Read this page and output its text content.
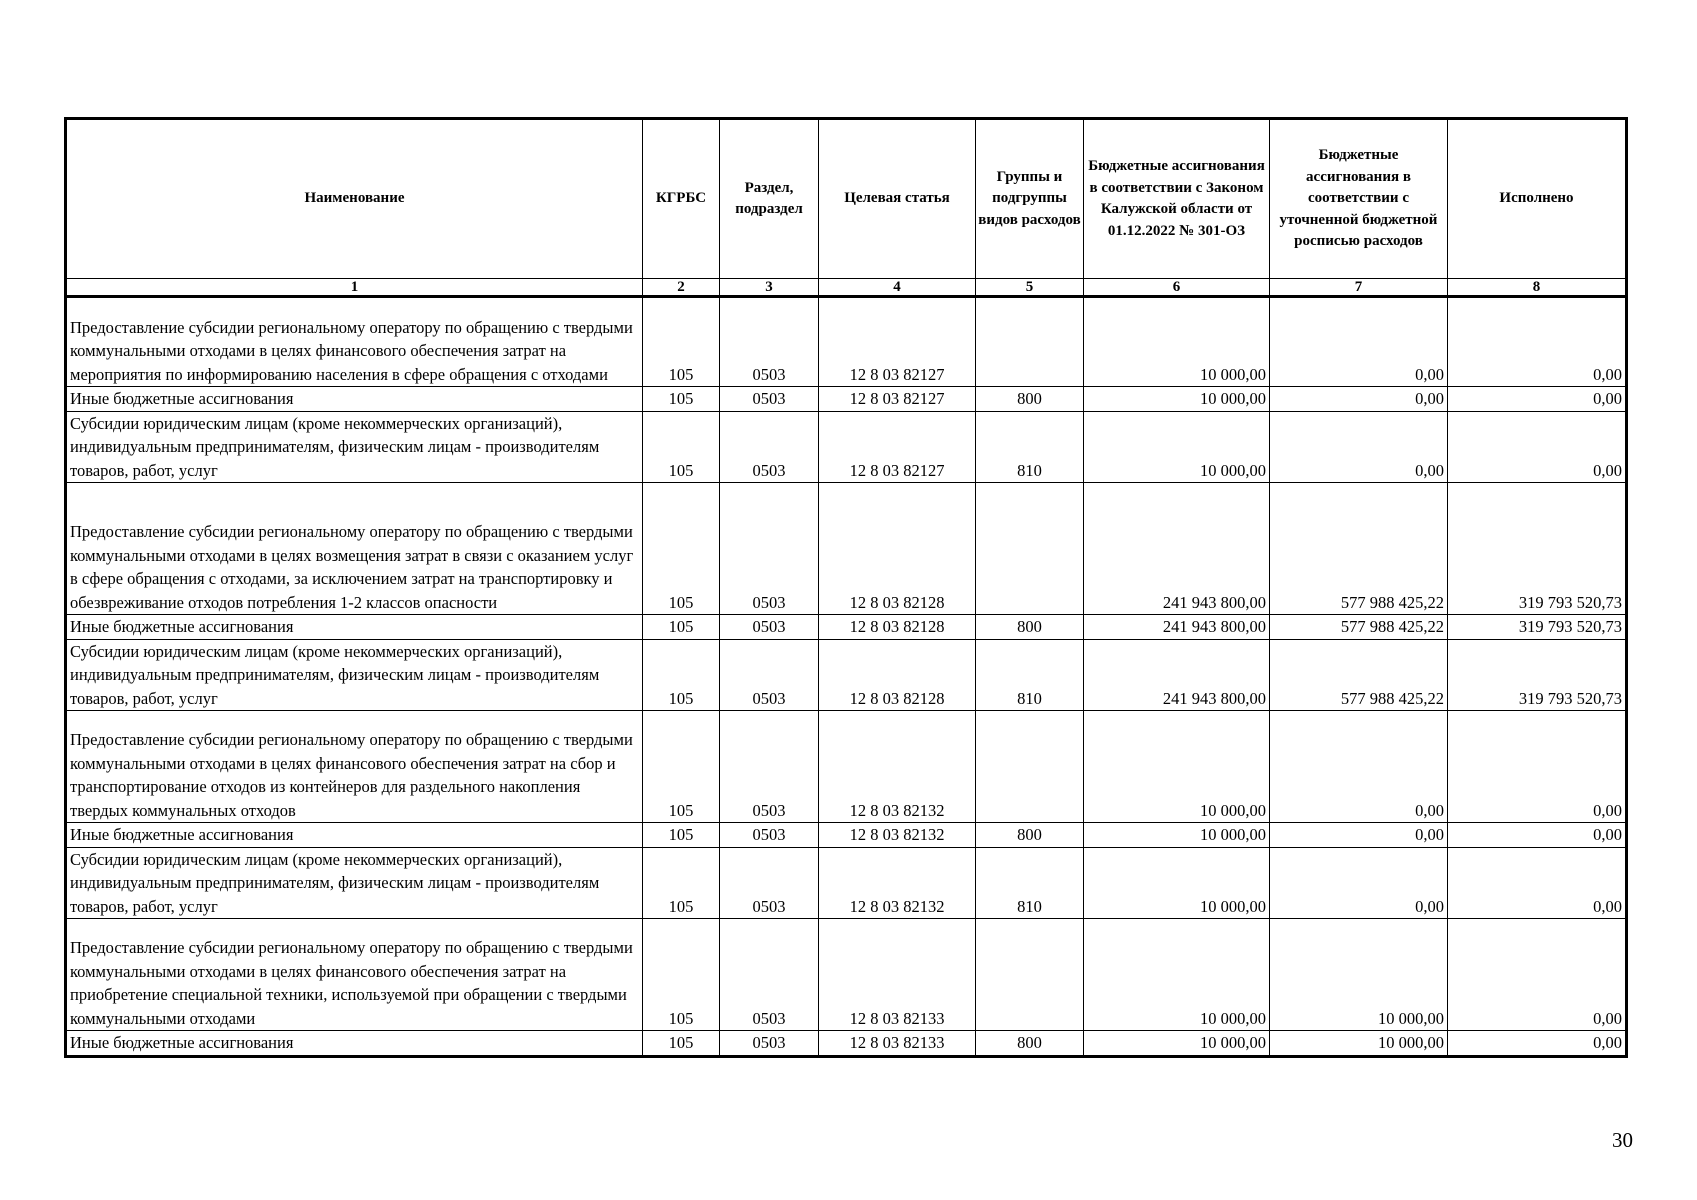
Наименование	КГРБС	Раздел, подраздел	Целевая статья	Группы и подгруппы видов расходов	Бюджетные ассигнования в соответствии с Законом Калужской области от 01.12.2022 № 301-ОЗ	Бюджетные ассигнования в соответствии с уточненной бюджетной росписью расходов	Исполнено
1	2	3	4	5	6	7	8
Предоставление субсидии региональному оператору по обращению с твердыми коммунальными отходами в целях финансового обеспечения затрат на мероприятия по информированию населения в сфере обращения с отходами	105	0503	12 8 03 82127		10 000,00	0,00	0,00
Иные бюджетные ассигнования	105	0503	12 8 03 82127	800	10 000,00	0,00	0,00
Субсидии юридическим лицам (кроме некоммерческих организаций), индивидуальным предпринимателям, физическим лицам - производителям товаров, работ, услуг	105	0503	12 8 03 82127	810	10 000,00	0,00	0,00
Предоставление субсидии региональному оператору по обращению с твердыми коммунальными отходами в целях возмещения затрат в связи с оказанием услуг в сфере обращения с отходами, за исключением затрат на транспортировку и обезвреживание отходов потребления 1-2 классов опасности	105	0503	12 8 03 82128		241 943 800,00	577 988 425,22	319 793 520,73
Иные бюджетные ассигнования	105	0503	12 8 03 82128	800	241 943 800,00	577 988 425,22	319 793 520,73
Субсидии юридическим лицам (кроме некоммерческих организаций), индивидуальным предпринимателям, физическим лицам - производителям товаров, работ, услуг	105	0503	12 8 03 82128	810	241 943 800,00	577 988 425,22	319 793 520,73
Предоставление субсидии региональному оператору по обращению с твердыми коммунальными отходами в целях финансового обеспечения затрат на сбор и транспортирование отходов из контейнеров для раздельного накопления твердых коммунальных отходов	105	0503	12 8 03 82132		10 000,00	0,00	0,00
Иные бюджетные ассигнования	105	0503	12 8 03 82132	800	10 000,00	0,00	0,00
Субсидии юридическим лицам (кроме некоммерческих организаций), индивидуальным предпринимателям, физическим лицам - производителям товаров, работ, услуг	105	0503	12 8 03 82132	810	10 000,00	0,00	0,00
Предоставление субсидии региональному оператору по обращению с твердыми коммунальными отходами в целях финансового обеспечения затрат на приобретение специальной техники, используемой при обращении с твердыми коммунальными отходами	105	0503	12 8 03 82133		10 000,00	10 000,00	0,00
Иные бюджетные ассигнования	105	0503	12 8 03 82133	800	10 000,00	10 000,00	0,00
30
